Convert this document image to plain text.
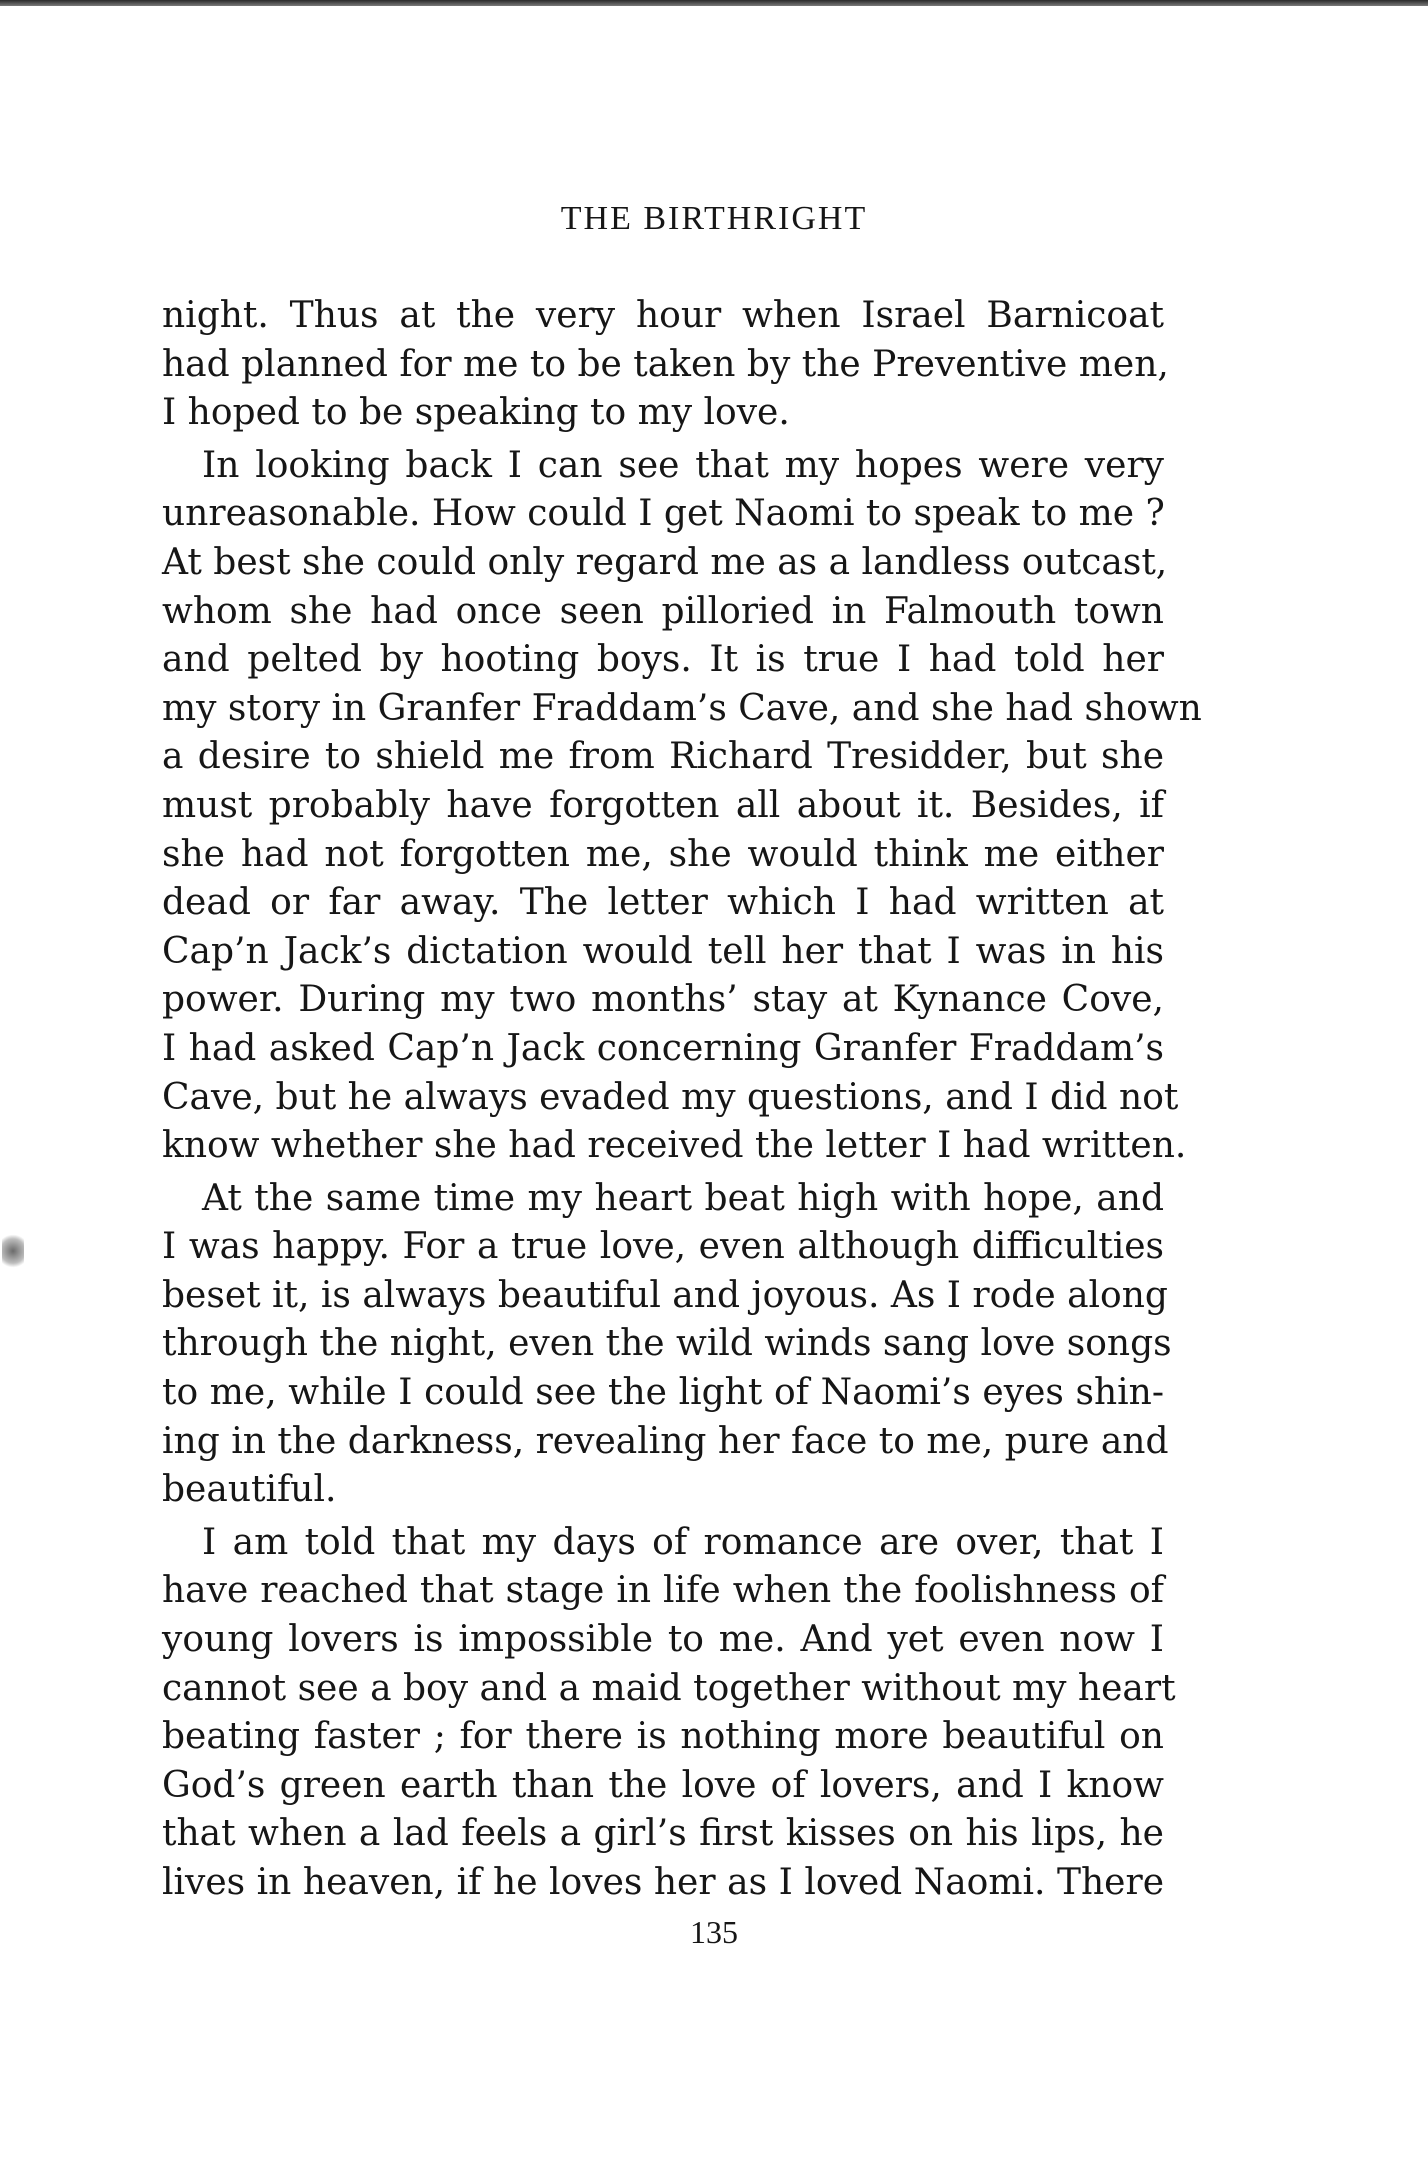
THE BIRTHRIGHT
night. Thus at the very hour when Israel Barnicoat
had planned for me to be taken by the Preventive men,
I hoped to be speaking to my love.
In looking back I can see that my hopes were very
unreasonable. How could I get Naomi to speak to me ?
At best she could only regard me as a landless outcast,
whom she had once seen pilloried in Falmouth town
and pelted by hooting boys. It is true I had told her
my story in Granfer Fraddam’s Cave, and she had shown
a desire to shield me from Richard Tresidder, but she
must probably have forgotten all about it. Besides, if
she had not forgotten me, she would think me either
dead or far away. The letter which I had written at
Cap’n Jack’s dictation would tell her that I was in his
power. During my two months’ stay at Kynance Cove,
I had asked Cap’n Jack concerning Granfer Fraddam’s
Cave, but he always evaded my questions, and I did not
know whether she had received the letter I had written.
At the same time my heart beat high with hope, and
I was happy. For a true love, even although difficulties
beset it, is always beautiful and joyous. As I rode along
through the night, even the wild winds sang love songs
to me, while I could see the light of Naomi’s eyes shin-
ing in the darkness, revealing her face to me, pure and
beautiful.
I am told that my days of romance are over, that I
have reached that stage in life when the foolishness of
young lovers is impossible to me. And yet even now I
cannot see a boy and a maid together without my heart
beating faster ; for there is nothing more beautiful on
God’s green earth than the love of lovers, and I know
that when a lad feels a girl’s first kisses on his lips, he
lives in heaven, if he loves her as I loved Naomi. There
135
